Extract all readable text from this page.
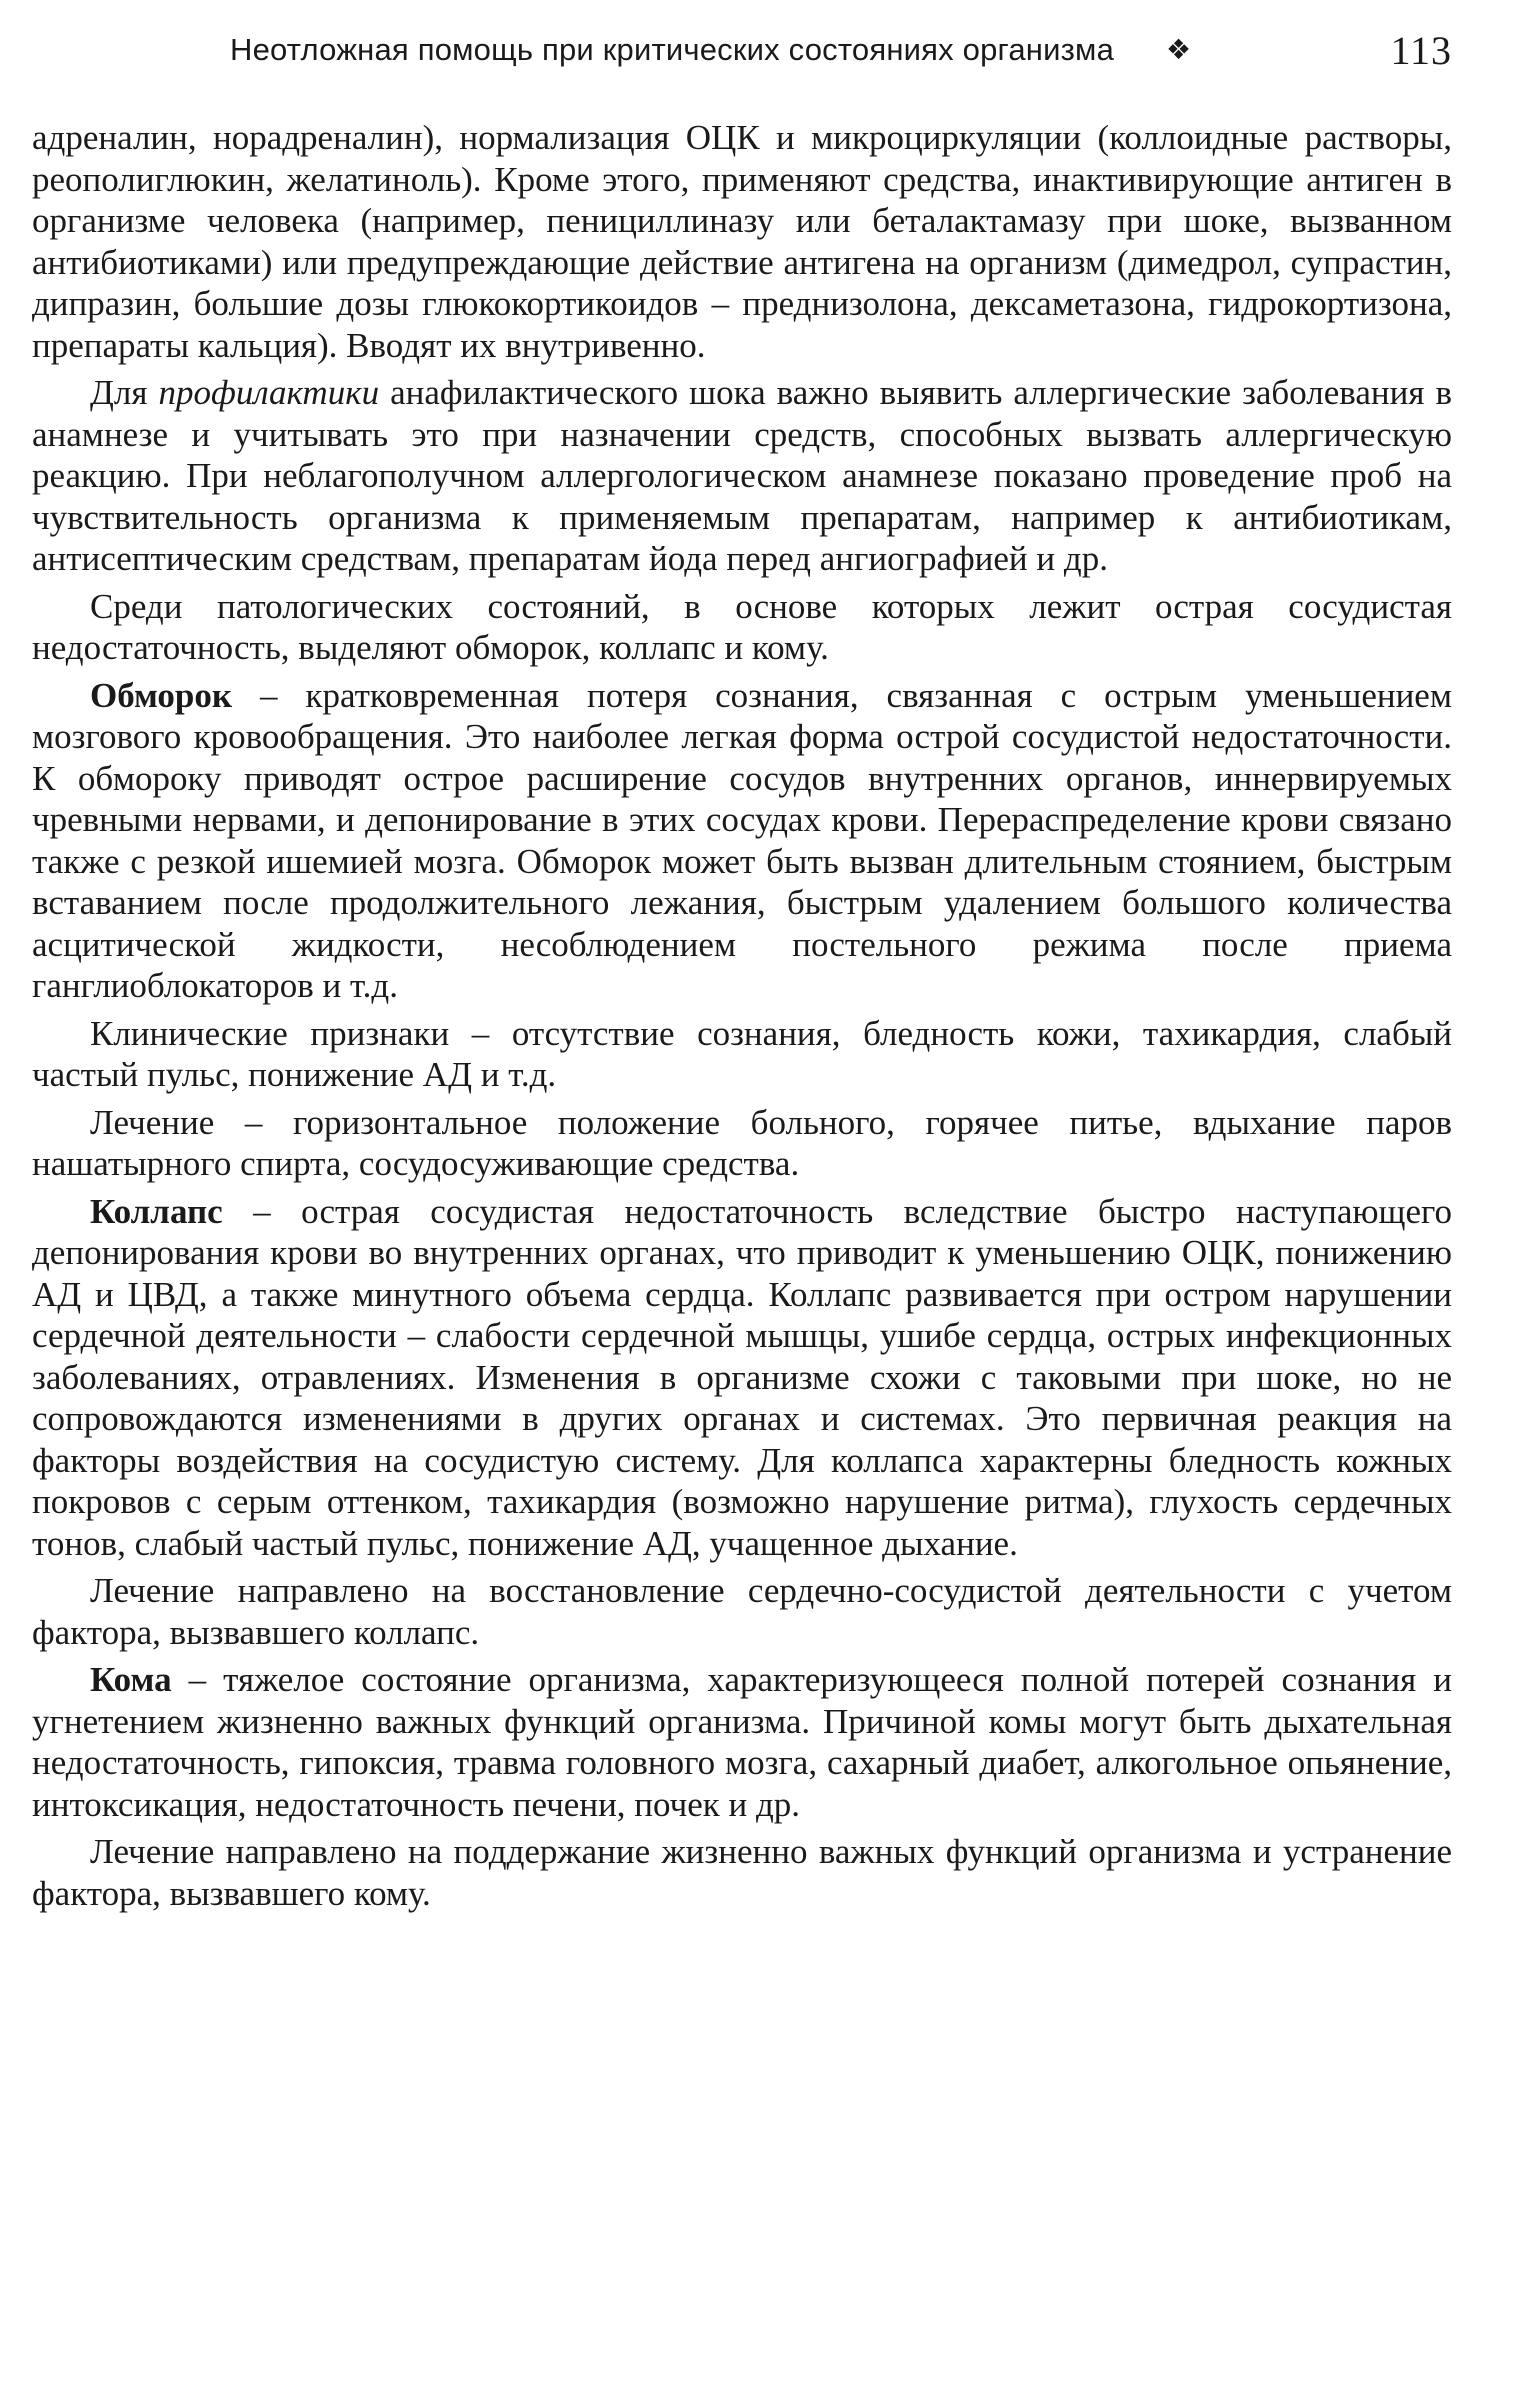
Неотложная помощь при критических состояниях организма ❖	113

адреналин, норадреналин), нормализация ОЦК и микроциркуляции (коллоидные растворы, реополиглюкин, желатиноль). Кроме этого, применяют средства, инактивирующие антиген в организме человека (например, пенициллиназу или беталактамазу при шоке, вызванном антибиотиками) или предупреждающие действие антигена на организм (димедрол, супрастин, дипразин, большие дозы глюкокортикоидов – преднизолона, дексаметазона, гидрокортизона, препараты кальция). Вводят их внутривенно.

Для профилактики анафилактического шока важно выявить аллергические заболевания в анамнезе и учитывать это при назначении средств, способных вызвать аллергическую реакцию. При неблагополучном аллергологическом анамнезе показано проведение проб на чувствительность организма к применяемым препаратам, например к антибиотикам, антисептическим средствам, препаратам йода перед ангиографией и др.

Среди патологических состояний, в основе которых лежит острая сосудистая недостаточность, выделяют обморок, коллапс и кому.

Обморок – кратковременная потеря сознания, связанная с острым уменьшением мозгового кровообращения. Это наиболее легкая форма острой сосудистой недостаточности. К обмороку приводят острое расширение сосудов внутренних органов, иннервируемых чревными нервами, и депонирование в этих сосудах крови. Перераспределение крови связано также с резкой ишемией мозга. Обморок может быть вызван длительным стоянием, быстрым вставанием после продолжительного лежания, быстрым удалением большого количества асцитической жидкости, несоблюдением постельного режима после приема ганглиоблокаторов и т.д.

Клинические признаки – отсутствие сознания, бледность кожи, тахикардия, слабый частый пульс, понижение АД и т.д.

Лечение – горизонтальное положение больного, горячее питье, вдыхание паров нашатырного спирта, сосудосуживающие средства.

Коллапс – острая сосудистая недостаточность вследствие быстро наступающего депонирования крови во внутренних органах, что приводит к уменьшению ОЦК, понижению АД и ЦВД, а также минутного объема сердца. Коллапс развивается при остром нарушении сердечной деятельности – слабости сердечной мышцы, ушибе сердца, острых инфекционных заболеваниях, отравлениях. Изменения в организме схожи с таковыми при шоке, но не сопровождаются изменениями в других органах и системах. Это первичная реакция на факторы воздействия на сосудистую систему. Для коллапса характерны бледность кожных покровов с серым оттенком, тахикардия (возможно нарушение ритма), глухость сердечных тонов, слабый частый пульс, понижение АД, учащенное дыхание.

Лечение направлено на восстановление сердечно-сосудистой деятельности с учетом фактора, вызвавшего коллапс.

Кома – тяжелое состояние организма, характеризующееся полной потерей сознания и угнетением жизненно важных функций организма. Причиной комы могут быть дыхательная недостаточность, гипоксия, травма головного мозга, сахарный диабет, алкогольное опьянение, интоксикация, недостаточность печени, почек и др.

Лечение направлено на поддержание жизненно важных функций организма и устранение фактора, вызвавшего кому.
